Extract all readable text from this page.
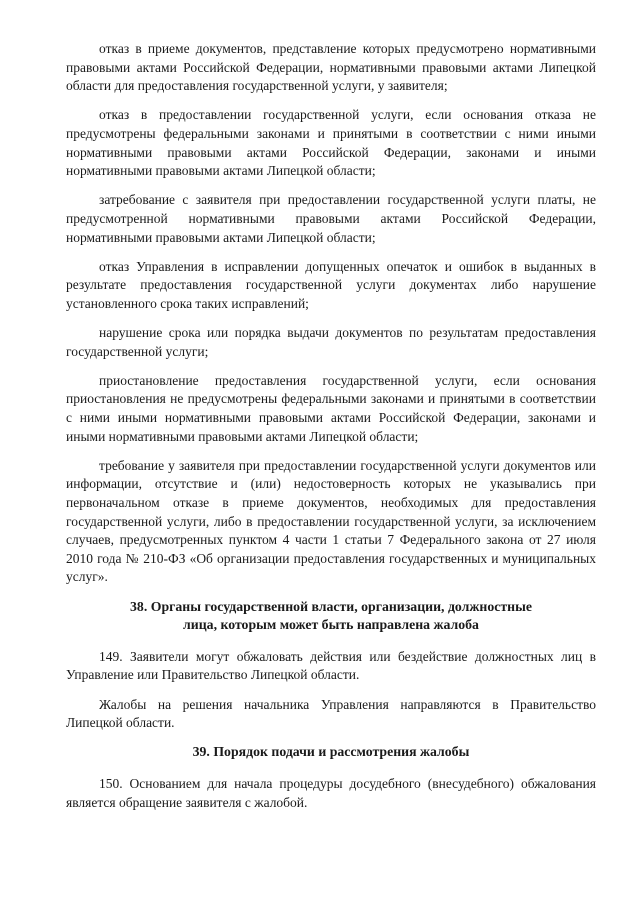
отказ в приеме документов, представление которых предусмотрено нормативными правовыми актами Российской Федерации, нормативными правовыми актами Липецкой области для предоставления государственной услуги, у заявителя;

отказ в предоставлении государственной услуги, если основания отказа не предусмотрены федеральными законами и принятыми в соответствии с ними иными нормативными правовыми актами Российской Федерации, законами и иными нормативными правовыми актами Липецкой области;

затребование с заявителя при предоставлении государственной услуги платы, не предусмотренной нормативными правовыми актами Российской Федерации, нормативными правовыми актами Липецкой области;

отказ Управления в исправлении допущенных опечаток и ошибок в выданных в результате предоставления государственной услуги документах либо нарушение установленного срока таких исправлений;

нарушение срока или порядка выдачи документов по результатам предоставления государственной услуги;

приостановление предоставления государственной услуги, если основания приостановления не предусмотрены федеральными законами и принятыми в соответствии с ними иными нормативными правовыми актами Российской Федерации, законами и иными нормативными правовыми актами Липецкой области;

требование у заявителя при предоставлении государственной услуги документов или информации, отсутствие и (или) недостоверность которых не указывались при первоначальном отказе в приеме документов, необходимых для предоставления государственной услуги, либо в предоставлении государственной услуги, за исключением случаев, предусмотренных пунктом 4 части 1 статьи 7 Федерального закона от 27 июля 2010 года № 210-ФЗ «Об организации предоставления государственных и муниципальных услуг».

38. Органы государственной власти, организации, должностные
лица, которым может быть направлена жалоба

149. Заявители могут обжаловать действия или бездействие должностных лиц в Управление или Правительство Липецкой области.

Жалобы на решения начальника Управления направляются в Правительство Липецкой области.

39. Порядок подачи и рассмотрения жалобы

150. Основанием для начала процедуры досудебного (внесудебного) обжалования является обращение заявителя с жалобой.
